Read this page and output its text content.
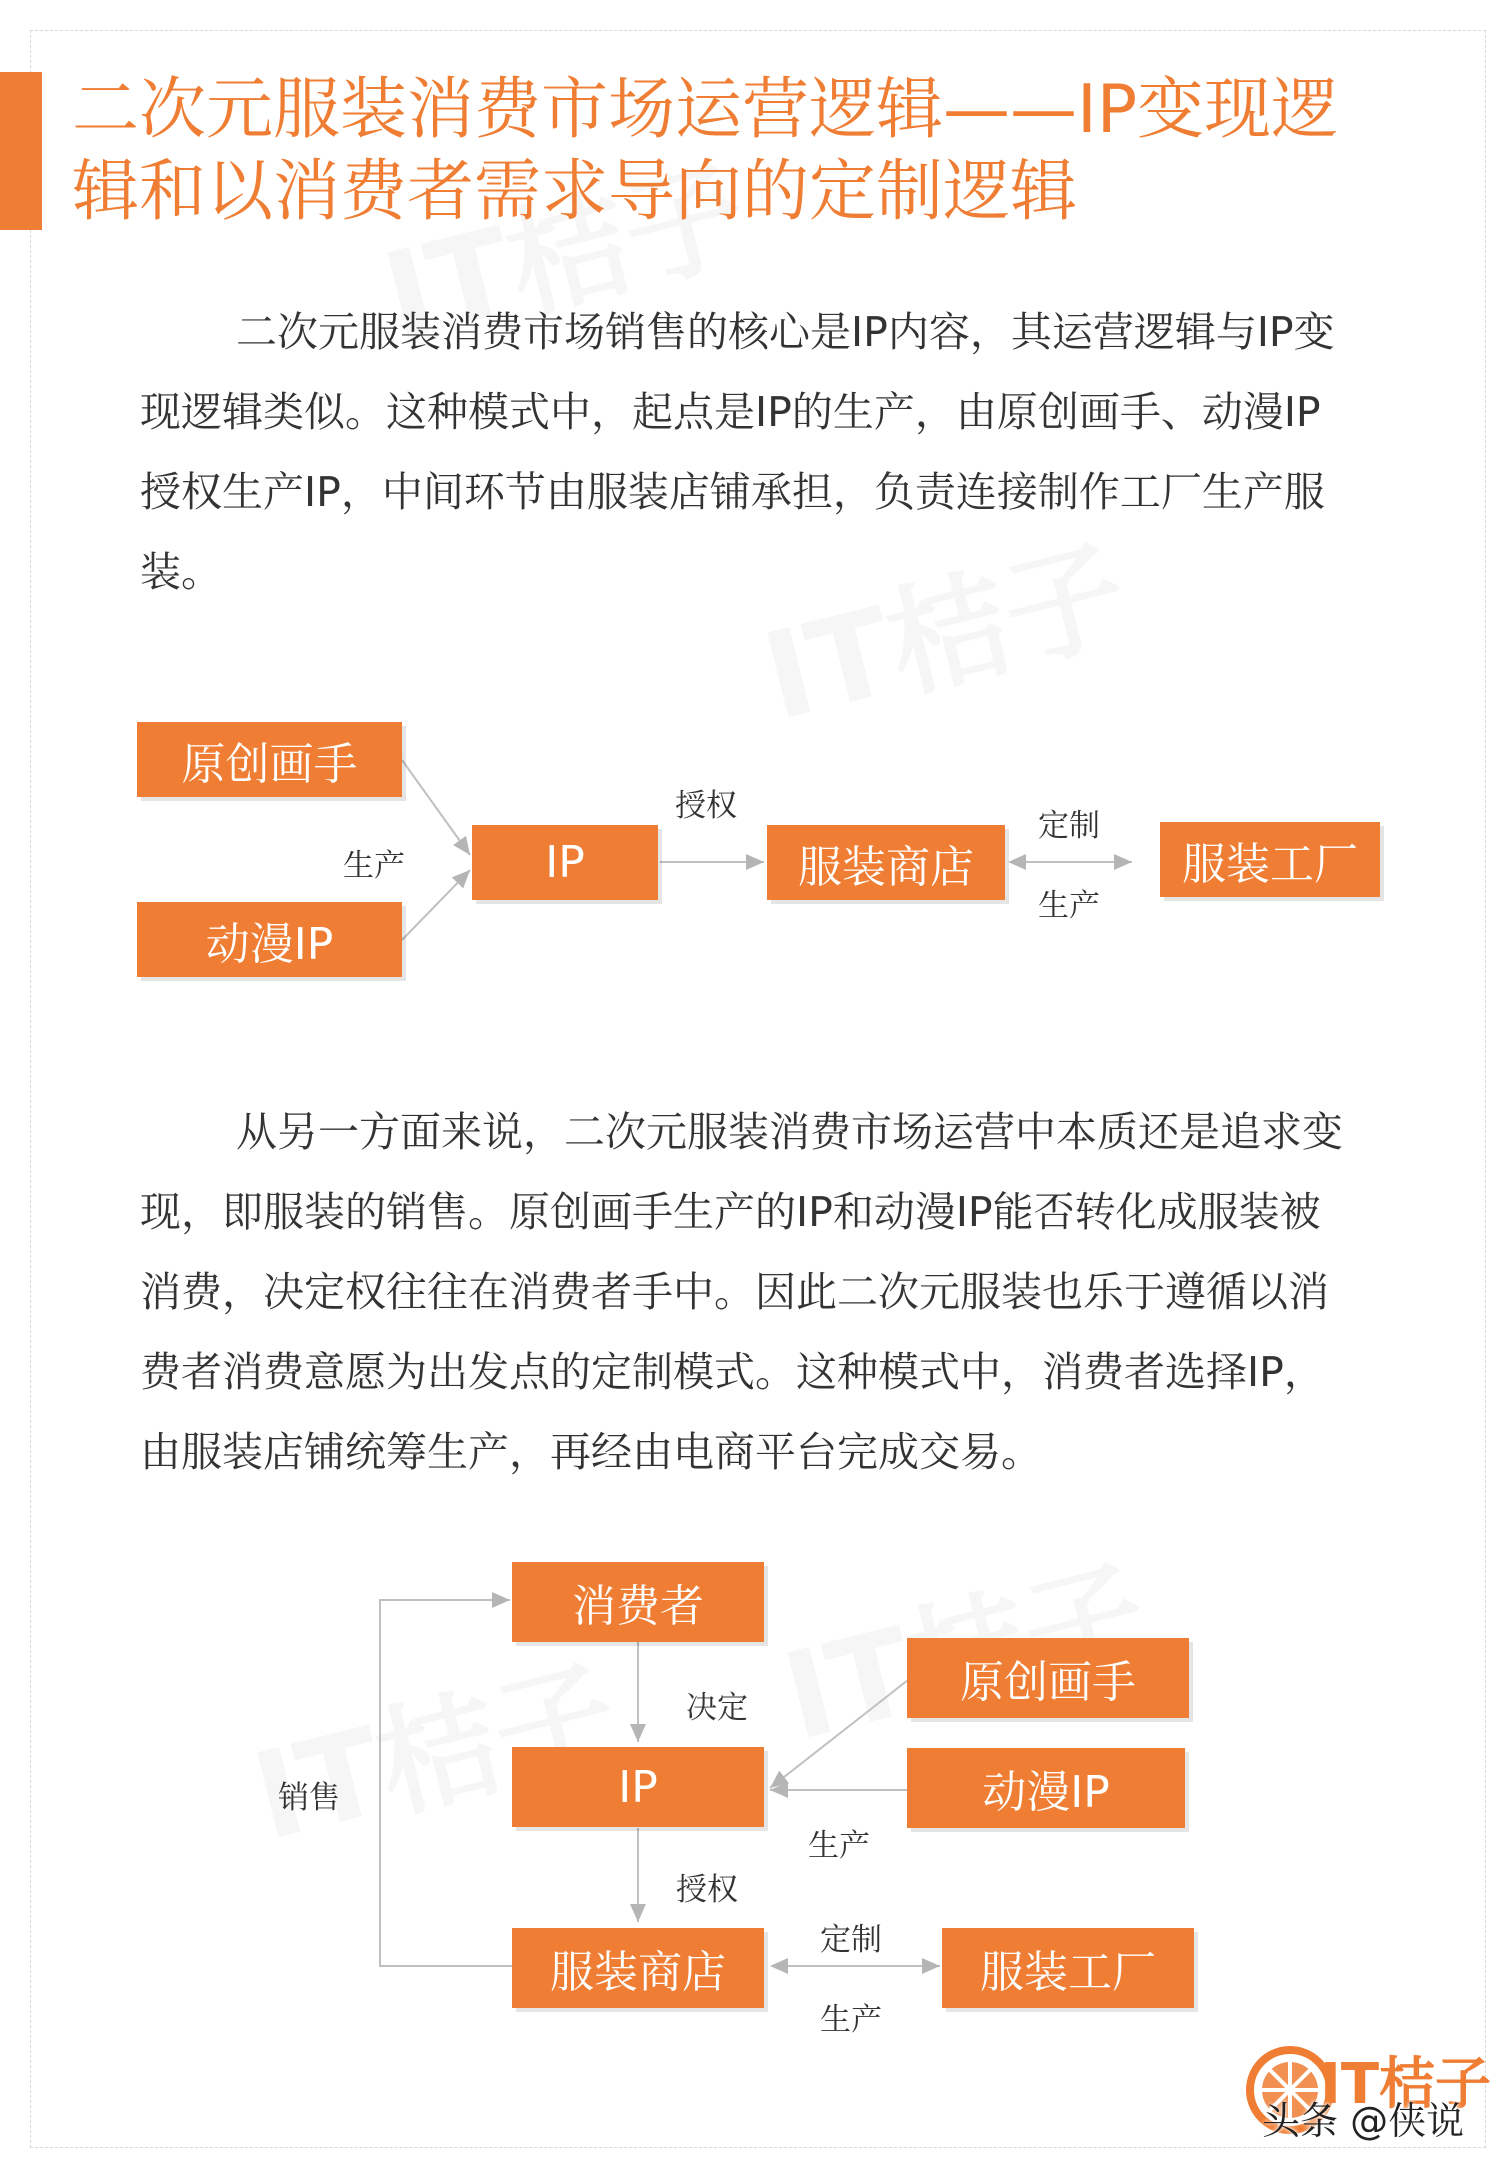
二次元服装消费市场运营逻辑——IP变现逻辑和以消费者需求导向的定制逻辑
二次元服装消费市场销售的核心是IP内容，其运营逻辑与IP变现逻辑类似。这种模式中，起点是IP的生产，由原创画手、动漫IP授权生产IP，中间环节由服装店铺承担，负责连接制作工厂生产服装。
原创画手
动漫IP
IP	服装商店	服装工厂
生产
授权
定制
生产
从另一方面来说，二次元服装消费市场运营中本质还是追求变现，即服装的销售。原创画手生产的IP和动漫IP能否转化成服装被消费，决定权往往在消费者手中。因此二次元服装也乐于遵循以消费者消费意愿为出发点的定制模式。这种模式中，消费者选择IP，由服装店铺统筹生产，再经由电商平台完成交易。
消费者
IP
原创画手
动漫IP
服装商店	服装工厂
决定
生产
授权
销售
定制
生产
IT桔子
头条 @侠说
